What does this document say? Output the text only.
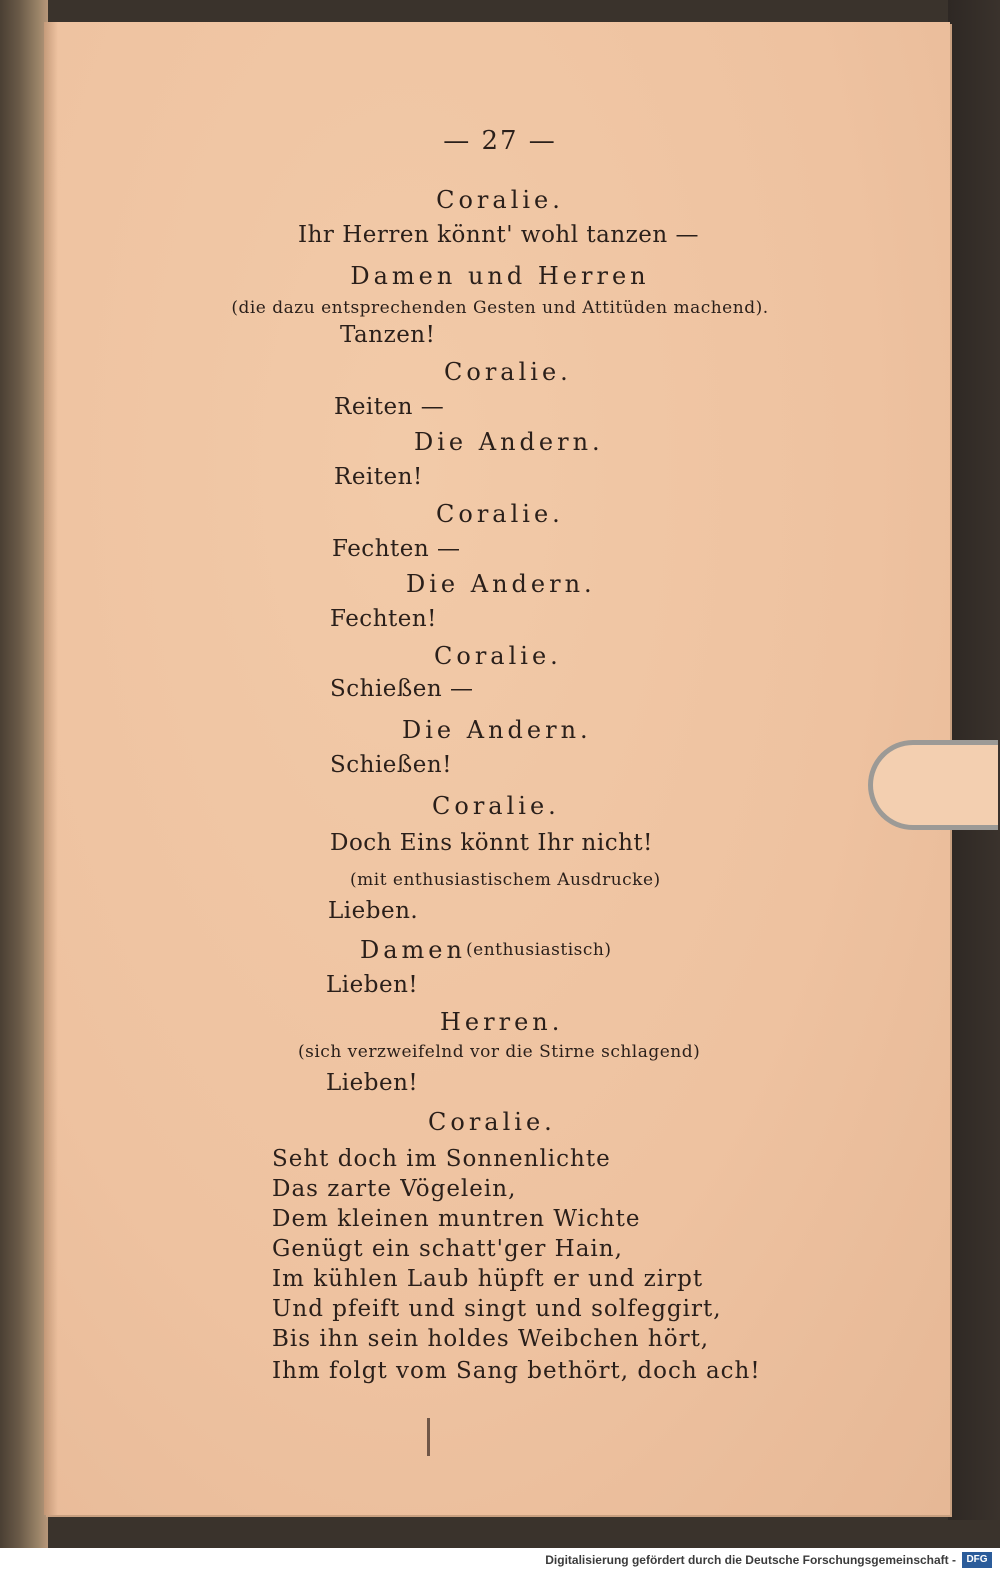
— 27 —
Coralie.
Ihr Herren könnt' wohl tanzen —
Damen und Herren
(die dazu entsprechenden Gesten und Attitüden machend).
Tanzen!
Coralie.
Reiten —
Die Andern.
Reiten!
Coralie.
Fechten —
Die Andern.
Fechten!
Coralie.
Schießen —
Die Andern.
Schießen!
Coralie.
Doch Eins könnt Ihr nicht!
(mit enthusiastischem Ausdrucke)
Lieben.
Damen (enthusiastisch)
Lieben!
Herren.
(sich verzweifelnd vor die Stirne schlagend)
Lieben!
Coralie.
Seht doch im Sonnenlichte
Das zarte Vögelein,
Dem kleinen muntren Wichte
Genügt ein schatt'ger Hain,
Im kühlen Laub hüpft er und zirpt
Und pfeift und singt und solfeggirt,
Bis ihn sein holdes Weibchen hört,
Ihm folgt vom Sang bethört, doch ach!
Digitalisierung gefördert durch die Deutsche Forschungsgemeinschaft -	DFG
